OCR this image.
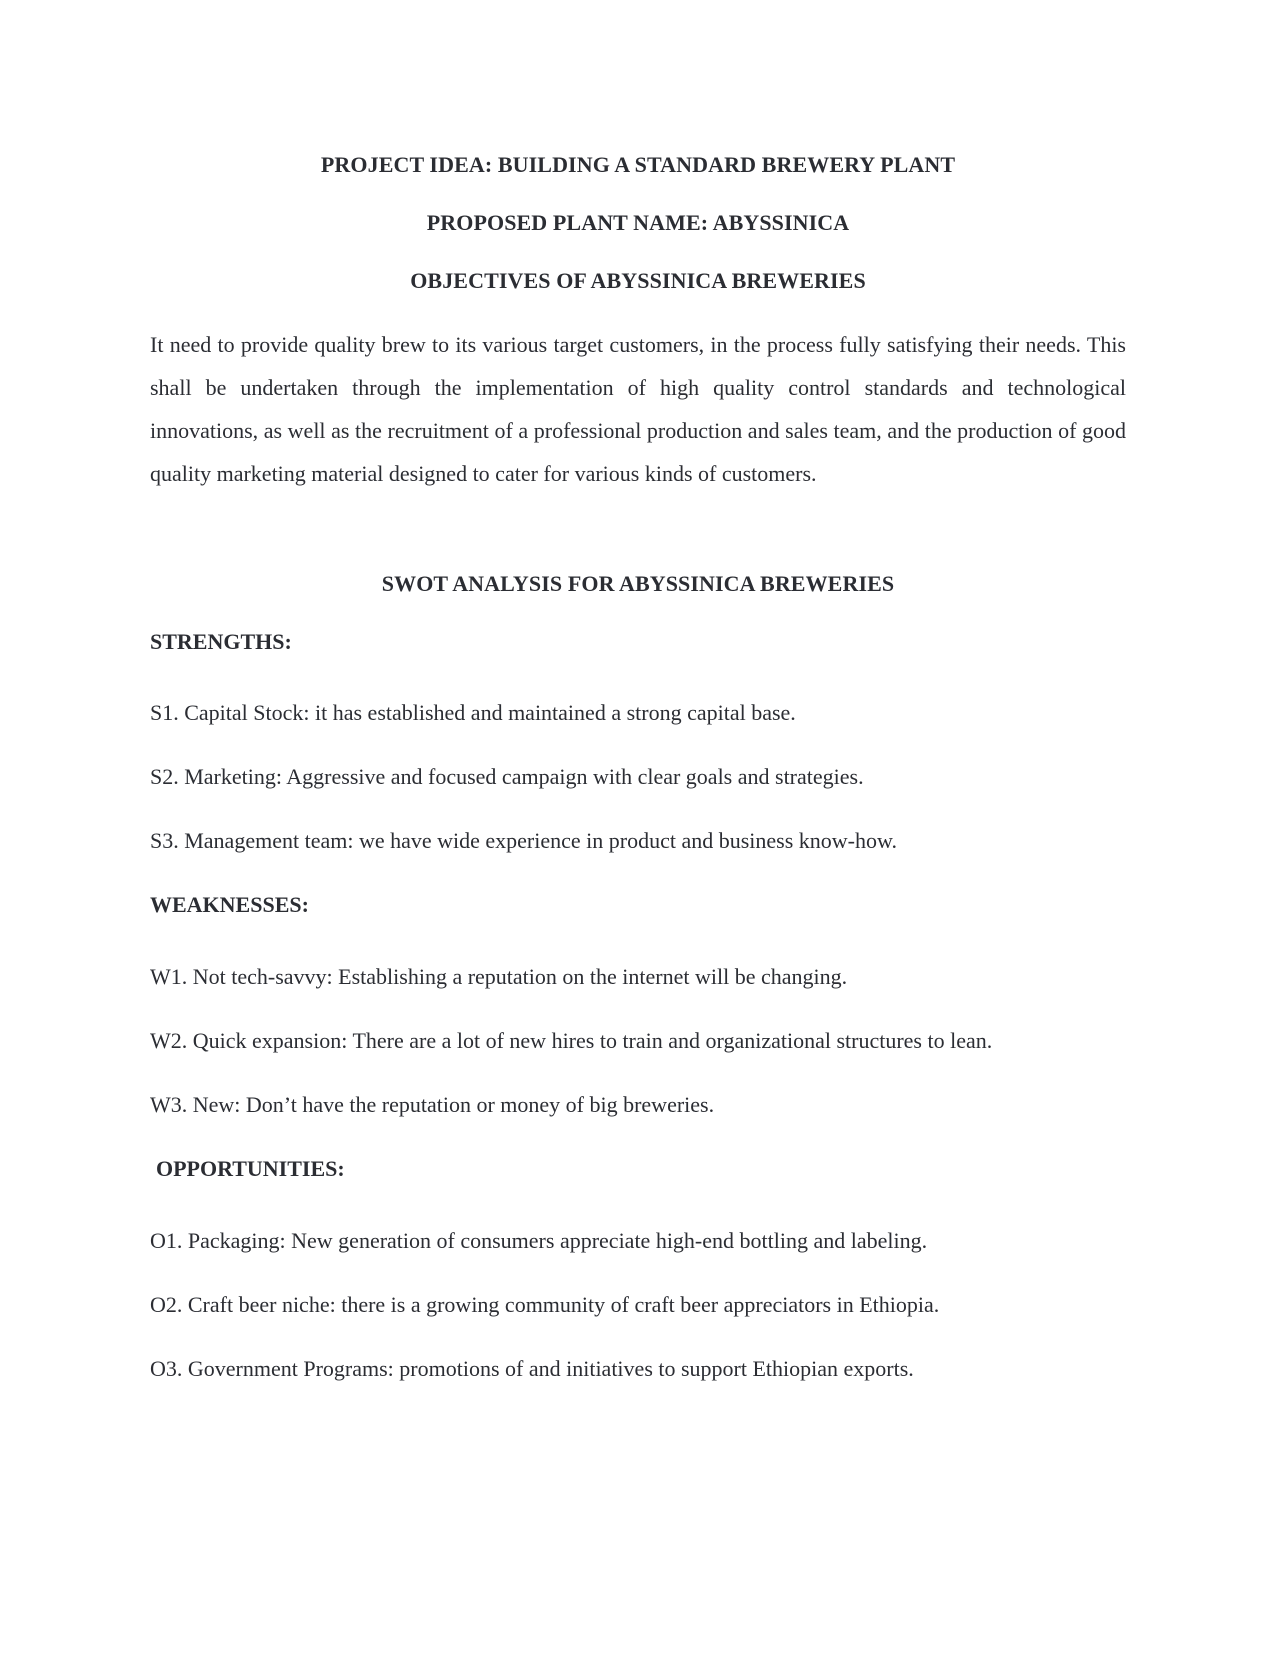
PROJECT IDEA: BUILDING A STANDARD BREWERY PLANT
PROPOSED PLANT NAME: ABYSSINICA
OBJECTIVES OF ABYSSINICA BREWERIES

It need to provide quality brew to its various target customers, in the process fully satisfying their needs. This shall be undertaken through the implementation of high quality control standards and technological innovations, as well as the recruitment of a professional production and sales team, and the production of good quality marketing material designed to cater for various kinds of customers.

SWOT ANALYSIS FOR ABYSSINICA BREWERIES
STRENGTHS:

S1. Capital Stock: it has established and maintained a strong capital base.

S2. Marketing: Aggressive and focused campaign with clear goals and strategies.

S3. Management team: we have wide experience in product and business know-how.

WEAKNESSES:

W1. Not tech-savvy: Establishing a reputation on the internet will be changing.

W2. Quick expansion: There are a lot of new hires to train and organizational structures to lean.

W3. New: Don’t have the reputation or money of big breweries.

OPPORTUNITIES:

O1. Packaging: New generation of consumers appreciate high-end bottling and labeling.

O2. Craft beer niche: there is a growing community of craft beer appreciators in Ethiopia.

O3. Government Programs: promotions of and initiatives to support Ethiopian exports.
